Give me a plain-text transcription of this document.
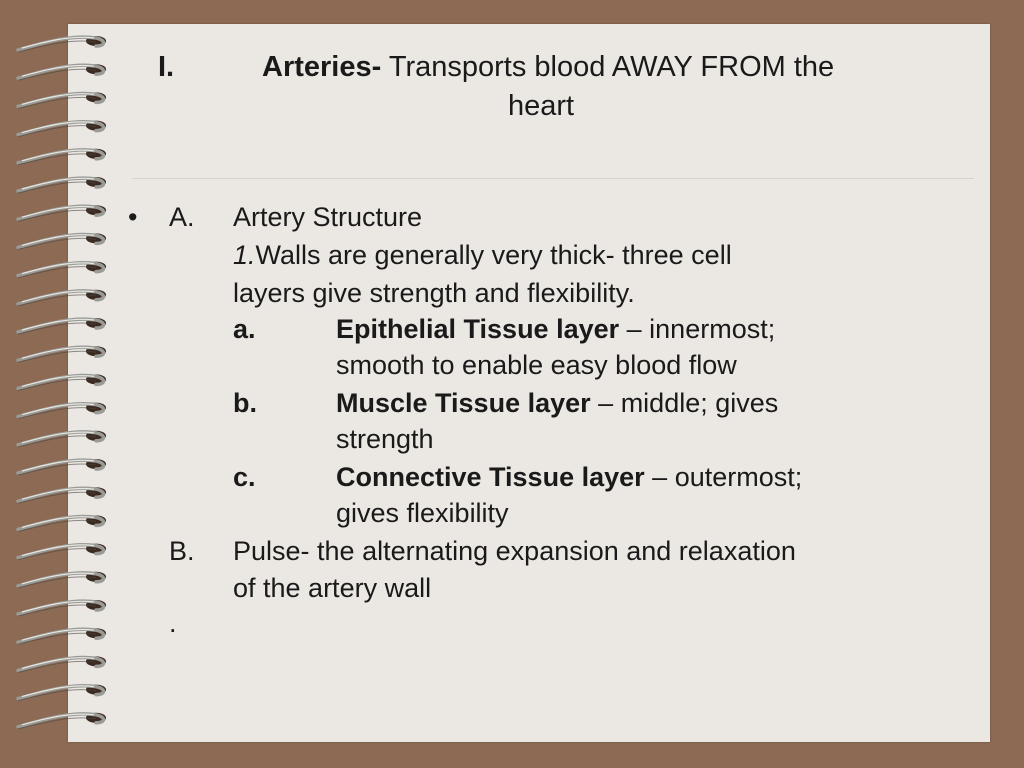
I.	Arteries- Transports blood AWAY FROM the
heart
• A. Artery Structure
1.Walls are generally very thick- three cell
layers give strength and flexibility.
a.	Epithelial Tissue layer – innermost;
smooth to enable easy blood flow
b.	Muscle Tissue layer – middle; gives
strength
c.	Connective Tissue layer – outermost;
gives flexibility
B. Pulse- the alternating expansion and relaxation
of the artery wall
.
